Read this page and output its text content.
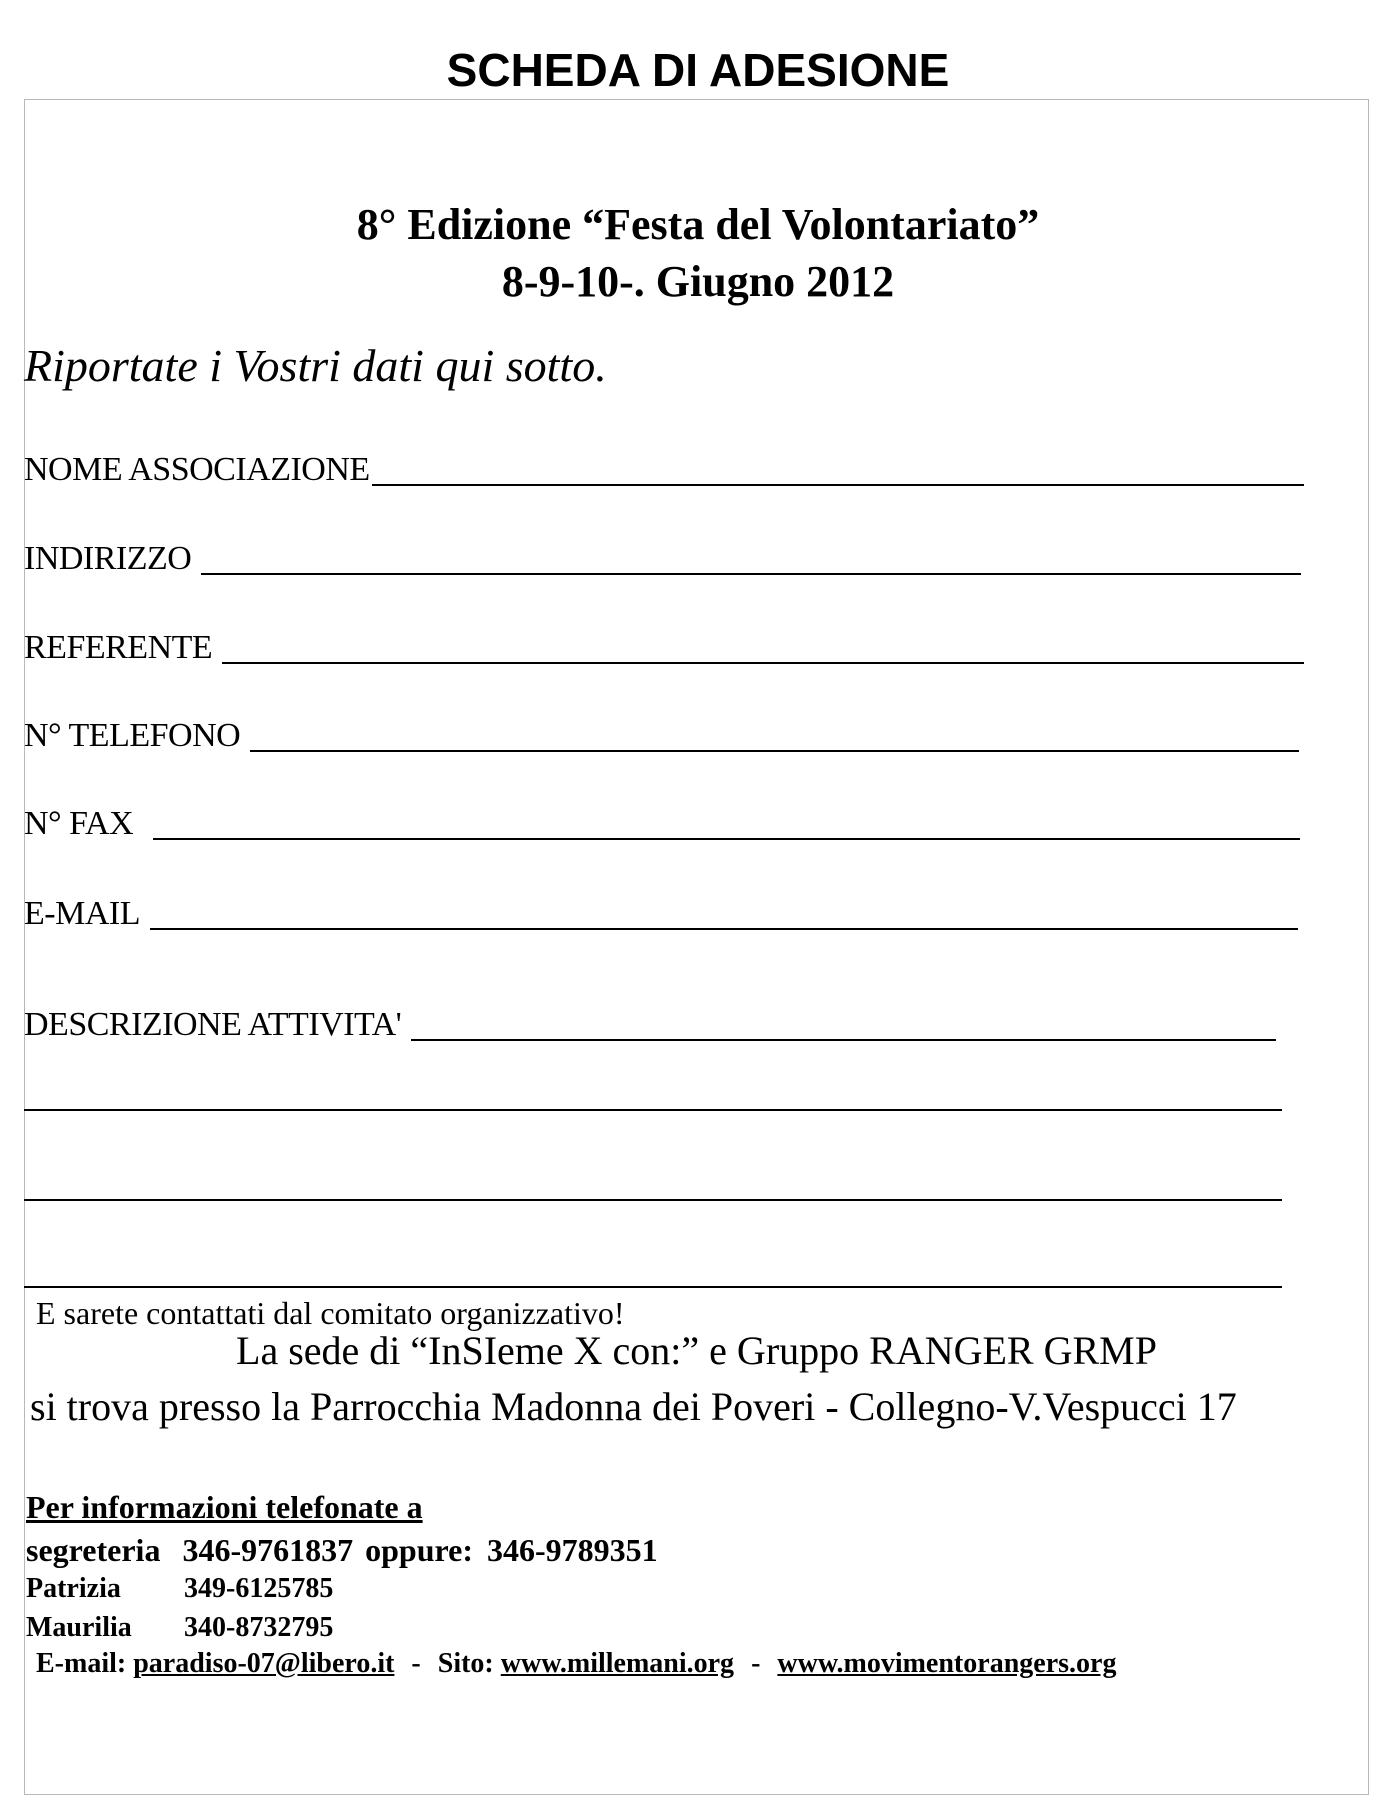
SCHEDA DI ADESIONE
8° Edizione “Festa del Volontariato”
8-9-10-. Giugno 2012
Riportate i Vostri dati qui sotto.
NOME ASSOCIAZIONE
INDIRIZZO
REFERENTE
N° TELEFONO
N° FAX
E-MAIL
DESCRIZIONE ATTIVITA'
E sarete contattati dal comitato organizzativo!
La sede di “InSIeme X con:” e Gruppo RANGER GRMP
si trova presso la Parrocchia Madonna dei Poveri - Collegno-V.Vespucci 17
Per informazioni telefonate a
segreteria 346-9761837 oppure: 346-9789351
Patrizia 349-6125785
Maurilia 340-8732795
E-mail: paradiso-07@libero.it - Sito: www.millemani.org - www.movimentorangers.org
